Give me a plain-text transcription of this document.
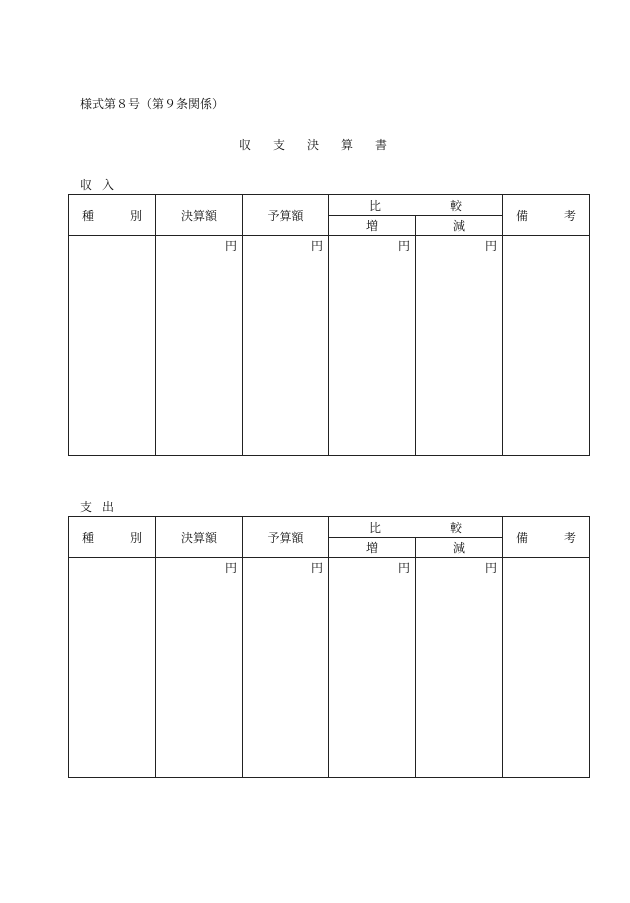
様式第８号（第９条関係）
収支決算書
収入
種 別	決算額	予算額	比 較		備 考

			増	減	

	円	円	円	円	

支出
種 別	決算額	予算額	比 較		備 考

			増	減	

	円	円	円	円	
